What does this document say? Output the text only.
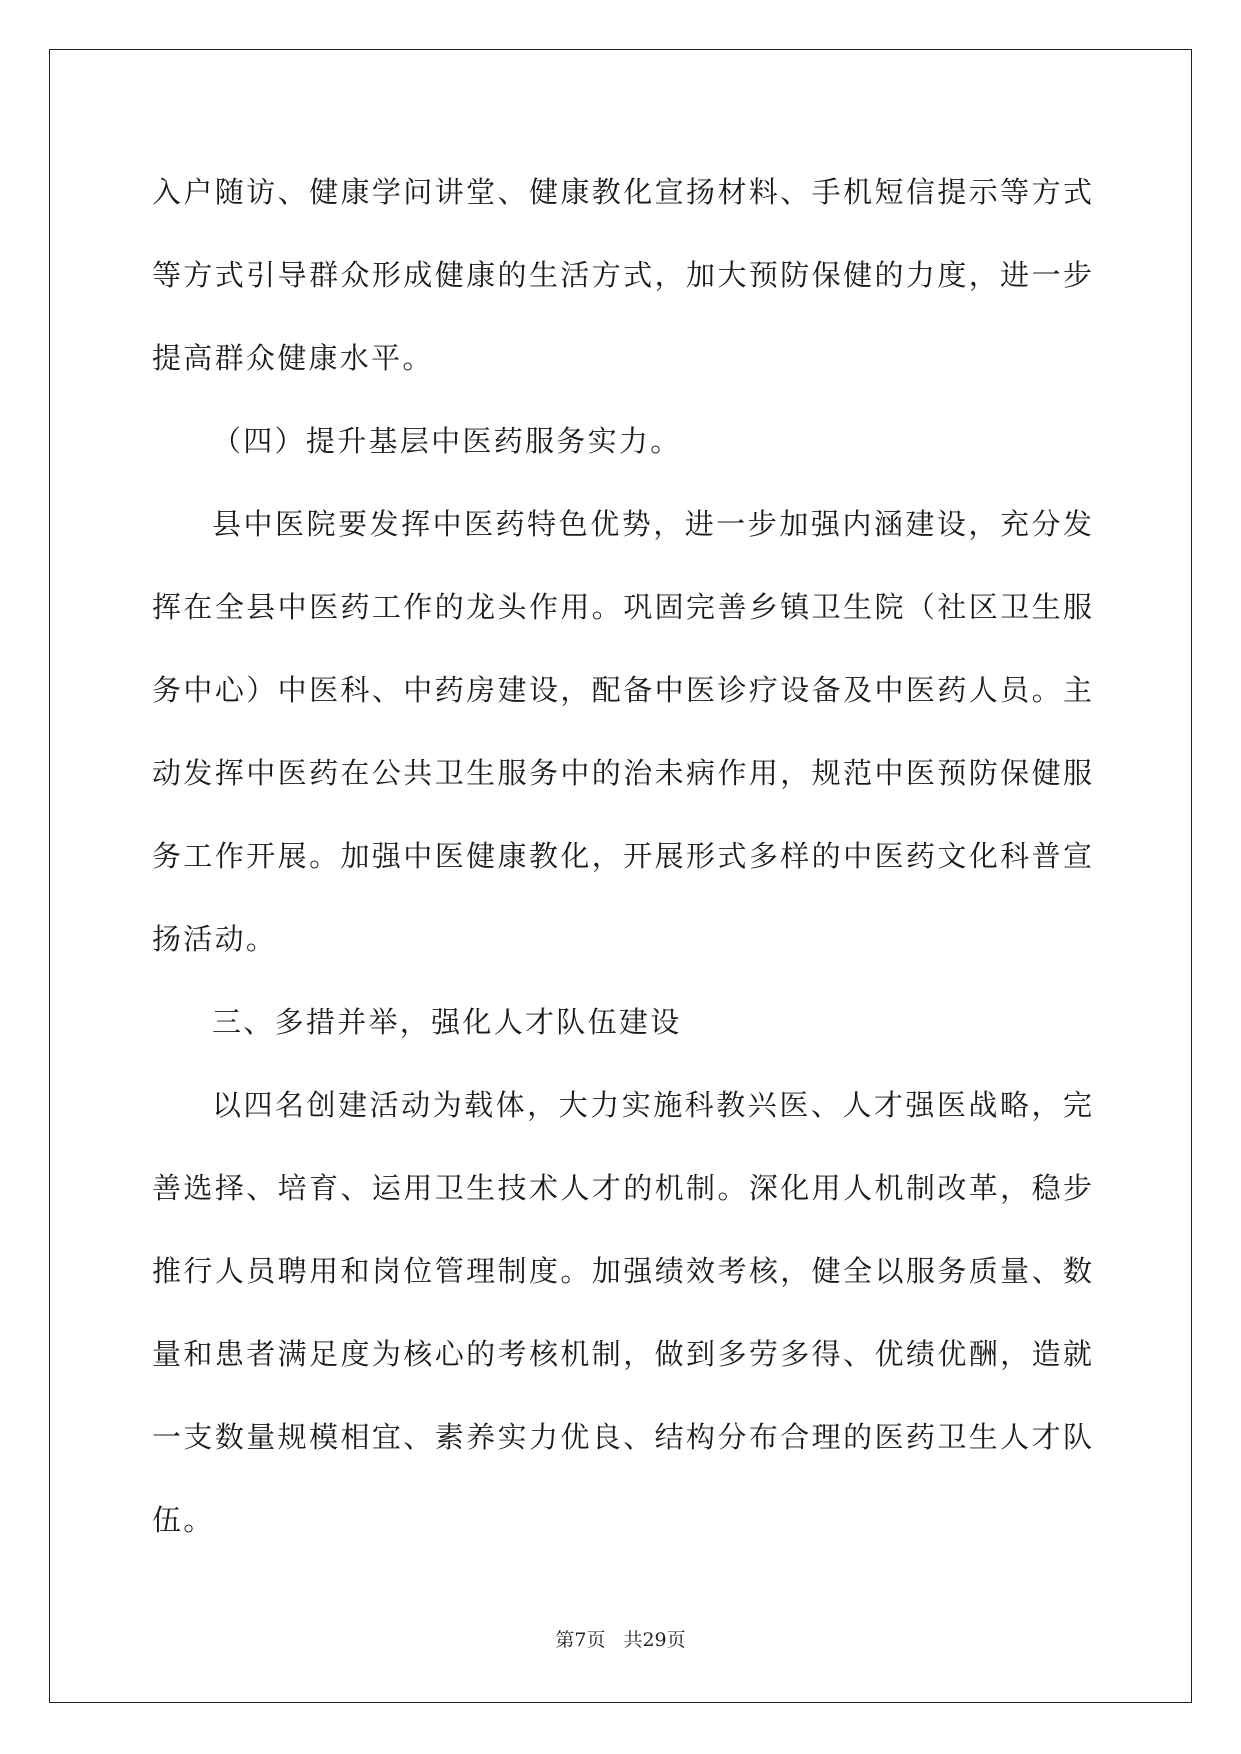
入户随访、健康学问讲堂、健康教化宣扬材料、手机短信提示等方式
等方式引导群众形成健康的生活方式，加大预防保健的力度，进一步
提高群众健康水平。
（四）提升基层中医药服务实力。
县中医院要发挥中医药特色优势，进一步加强内涵建设，充分发
挥在全县中医药工作的龙头作用。巩固完善乡镇卫生院（社区卫生服
务中心）中医科、中药房建设，配备中医诊疗设备及中医药人员。主
动发挥中医药在公共卫生服务中的治未病作用，规范中医预防保健服
务工作开展。加强中医健康教化，开展形式多样的中医药文化科普宣
扬活动。
三、多措并举，强化人才队伍建设
以四名创建活动为载体，大力实施科教兴医、人才强医战略，完
善选择、培育、运用卫生技术人才的机制。深化用人机制改革，稳步
推行人员聘用和岗位管理制度。加强绩效考核，健全以服务质量、数
量和患者满足度为核心的考核机制，做到多劳多得、优绩优酬，造就
一支数量规模相宜、素养实力优良、结构分布合理的医药卫生人才队
伍。
第7页 共29页
